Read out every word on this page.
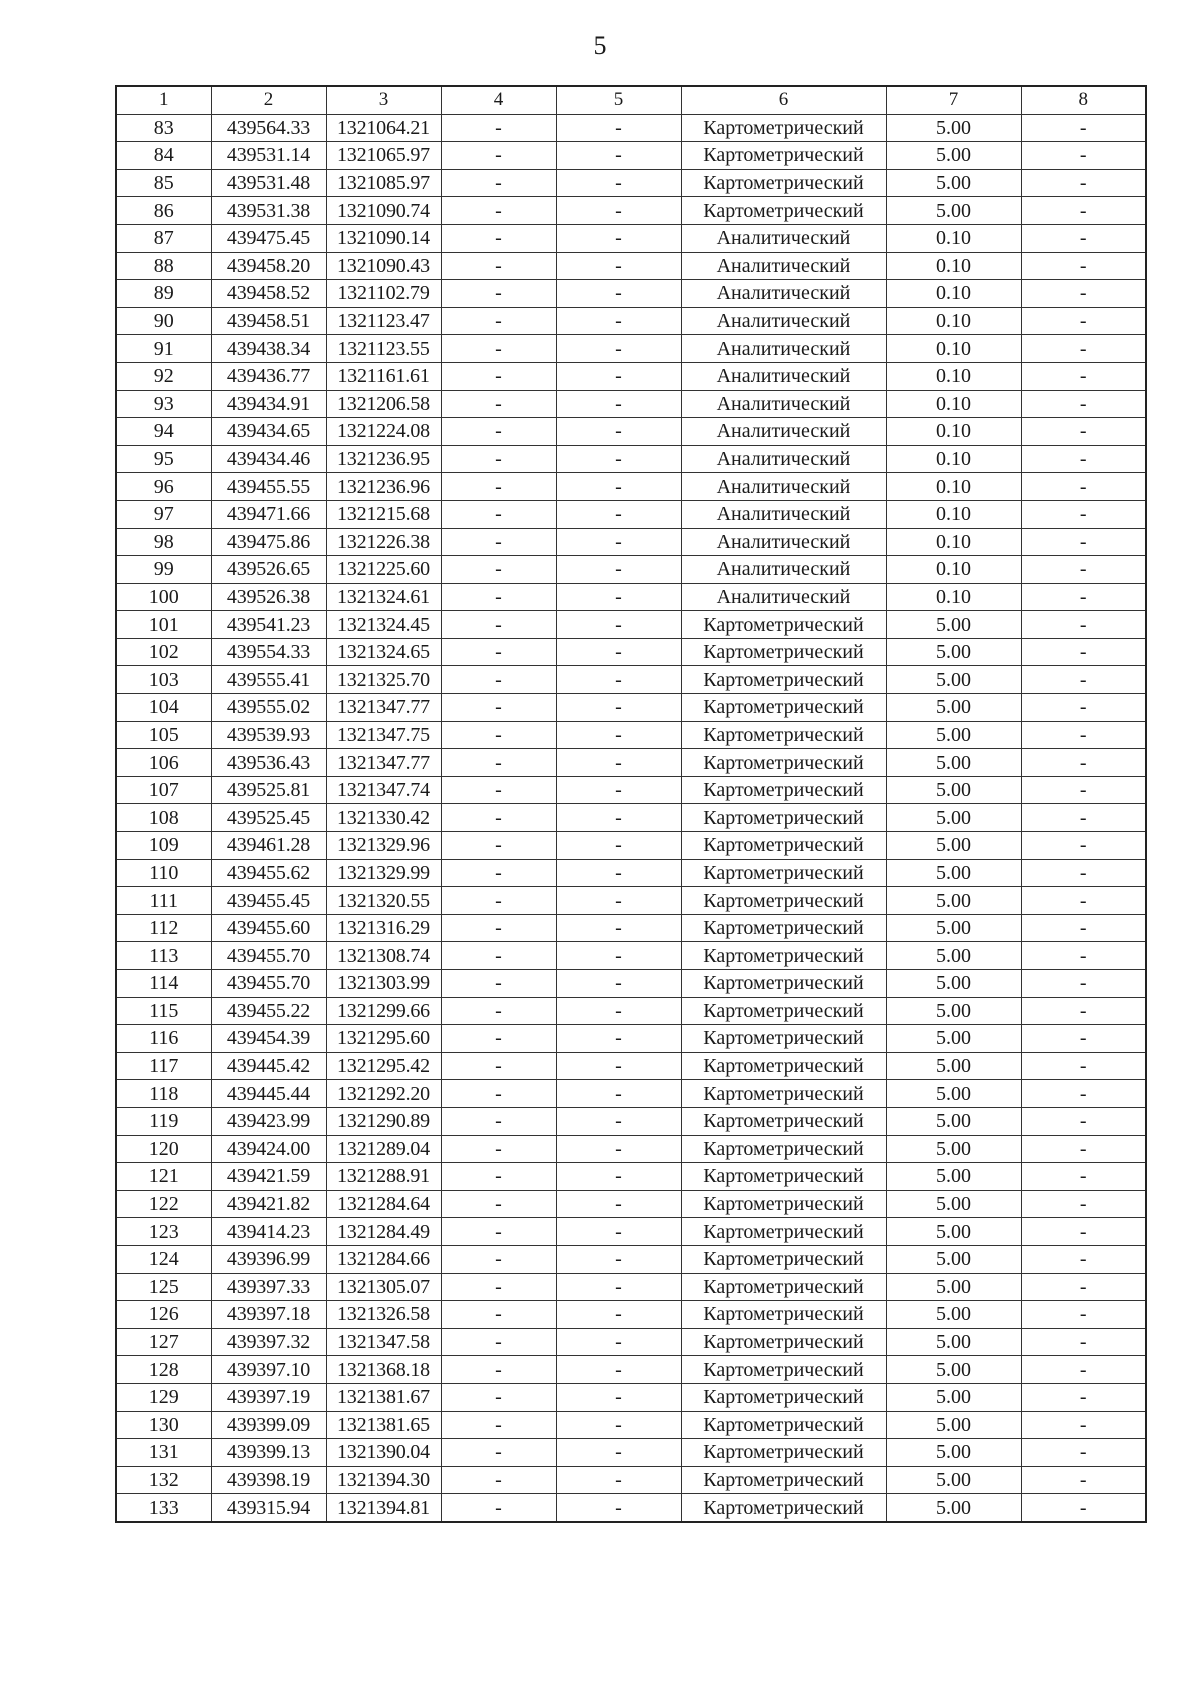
5
1	2	3	4	5	6	7	8
83	439564.33	1321064.21	-	-	Картометрический	5.00	-
84	439531.14	1321065.97	-	-	Картометрический	5.00	-
85	439531.48	1321085.97	-	-	Картометрический	5.00	-
86	439531.38	1321090.74	-	-	Картометрический	5.00	-
87	439475.45	1321090.14	-	-	Аналитический	0.10	-
88	439458.20	1321090.43	-	-	Аналитический	0.10	-
89	439458.52	1321102.79	-	-	Аналитический	0.10	-
90	439458.51	1321123.47	-	-	Аналитический	0.10	-
91	439438.34	1321123.55	-	-	Аналитический	0.10	-
92	439436.77	1321161.61	-	-	Аналитический	0.10	-
93	439434.91	1321206.58	-	-	Аналитический	0.10	-
94	439434.65	1321224.08	-	-	Аналитический	0.10	-
95	439434.46	1321236.95	-	-	Аналитический	0.10	-
96	439455.55	1321236.96	-	-	Аналитический	0.10	-
97	439471.66	1321215.68	-	-	Аналитический	0.10	-
98	439475.86	1321226.38	-	-	Аналитический	0.10	-
99	439526.65	1321225.60	-	-	Аналитический	0.10	-
100	439526.38	1321324.61	-	-	Аналитический	0.10	-
101	439541.23	1321324.45	-	-	Картометрический	5.00	-
102	439554.33	1321324.65	-	-	Картометрический	5.00	-
103	439555.41	1321325.70	-	-	Картометрический	5.00	-
104	439555.02	1321347.77	-	-	Картометрический	5.00	-
105	439539.93	1321347.75	-	-	Картометрический	5.00	-
106	439536.43	1321347.77	-	-	Картометрический	5.00	-
107	439525.81	1321347.74	-	-	Картометрический	5.00	-
108	439525.45	1321330.42	-	-	Картометрический	5.00	-
109	439461.28	1321329.96	-	-	Картометрический	5.00	-
110	439455.62	1321329.99	-	-	Картометрический	5.00	-
111	439455.45	1321320.55	-	-	Картометрический	5.00	-
112	439455.60	1321316.29	-	-	Картометрический	5.00	-
113	439455.70	1321308.74	-	-	Картометрический	5.00	-
114	439455.70	1321303.99	-	-	Картометрический	5.00	-
115	439455.22	1321299.66	-	-	Картометрический	5.00	-
116	439454.39	1321295.60	-	-	Картометрический	5.00	-
117	439445.42	1321295.42	-	-	Картометрический	5.00	-
118	439445.44	1321292.20	-	-	Картометрический	5.00	-
119	439423.99	1321290.89	-	-	Картометрический	5.00	-
120	439424.00	1321289.04	-	-	Картометрический	5.00	-
121	439421.59	1321288.91	-	-	Картометрический	5.00	-
122	439421.82	1321284.64	-	-	Картометрический	5.00	-
123	439414.23	1321284.49	-	-	Картометрический	5.00	-
124	439396.99	1321284.66	-	-	Картометрический	5.00	-
125	439397.33	1321305.07	-	-	Картометрический	5.00	-
126	439397.18	1321326.58	-	-	Картометрический	5.00	-
127	439397.32	1321347.58	-	-	Картометрический	5.00	-
128	439397.10	1321368.18	-	-	Картометрический	5.00	-
129	439397.19	1321381.67	-	-	Картометрический	5.00	-
130	439399.09	1321381.65	-	-	Картометрический	5.00	-
131	439399.13	1321390.04	-	-	Картометрический	5.00	-
132	439398.19	1321394.30	-	-	Картометрический	5.00	-
133	439315.94	1321394.81	-	-	Картометрический	5.00	-
